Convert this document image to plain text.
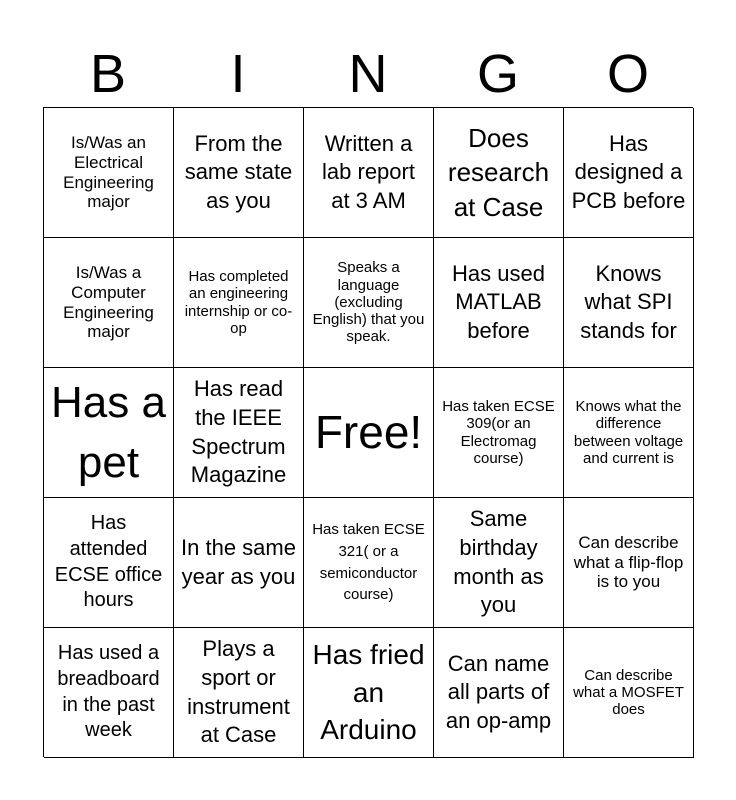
B	I	N	G	O
Is/Was an Electrical Engineering major
From the same state as you
Written a lab report at 3 AM
Does research at Case
Has designed a PCB before
Is/Was a Computer Engineering major
Has completed an engineering internship or co-op
Speaks a language (excluding English) that you speak.
Has used MATLAB before
Knows what SPI stands for
Has a pet
Has read the IEEE Spectrum Magazine
Free! Has taken ECSE 309(or an Electromag course)
Knows what the difference between voltage and current is
Has attended ECSE office hours
In the same year as you
Has taken ECSE 321( or a semiconductor course)
Same birthday month as you
Can describe what a flip-flop is to you
Has used a breadboard in the past week
Plays a sport or instrument at Case
Has fried an Arduino
Can name all parts of an op-amp
Can describe what a MOSFET does
